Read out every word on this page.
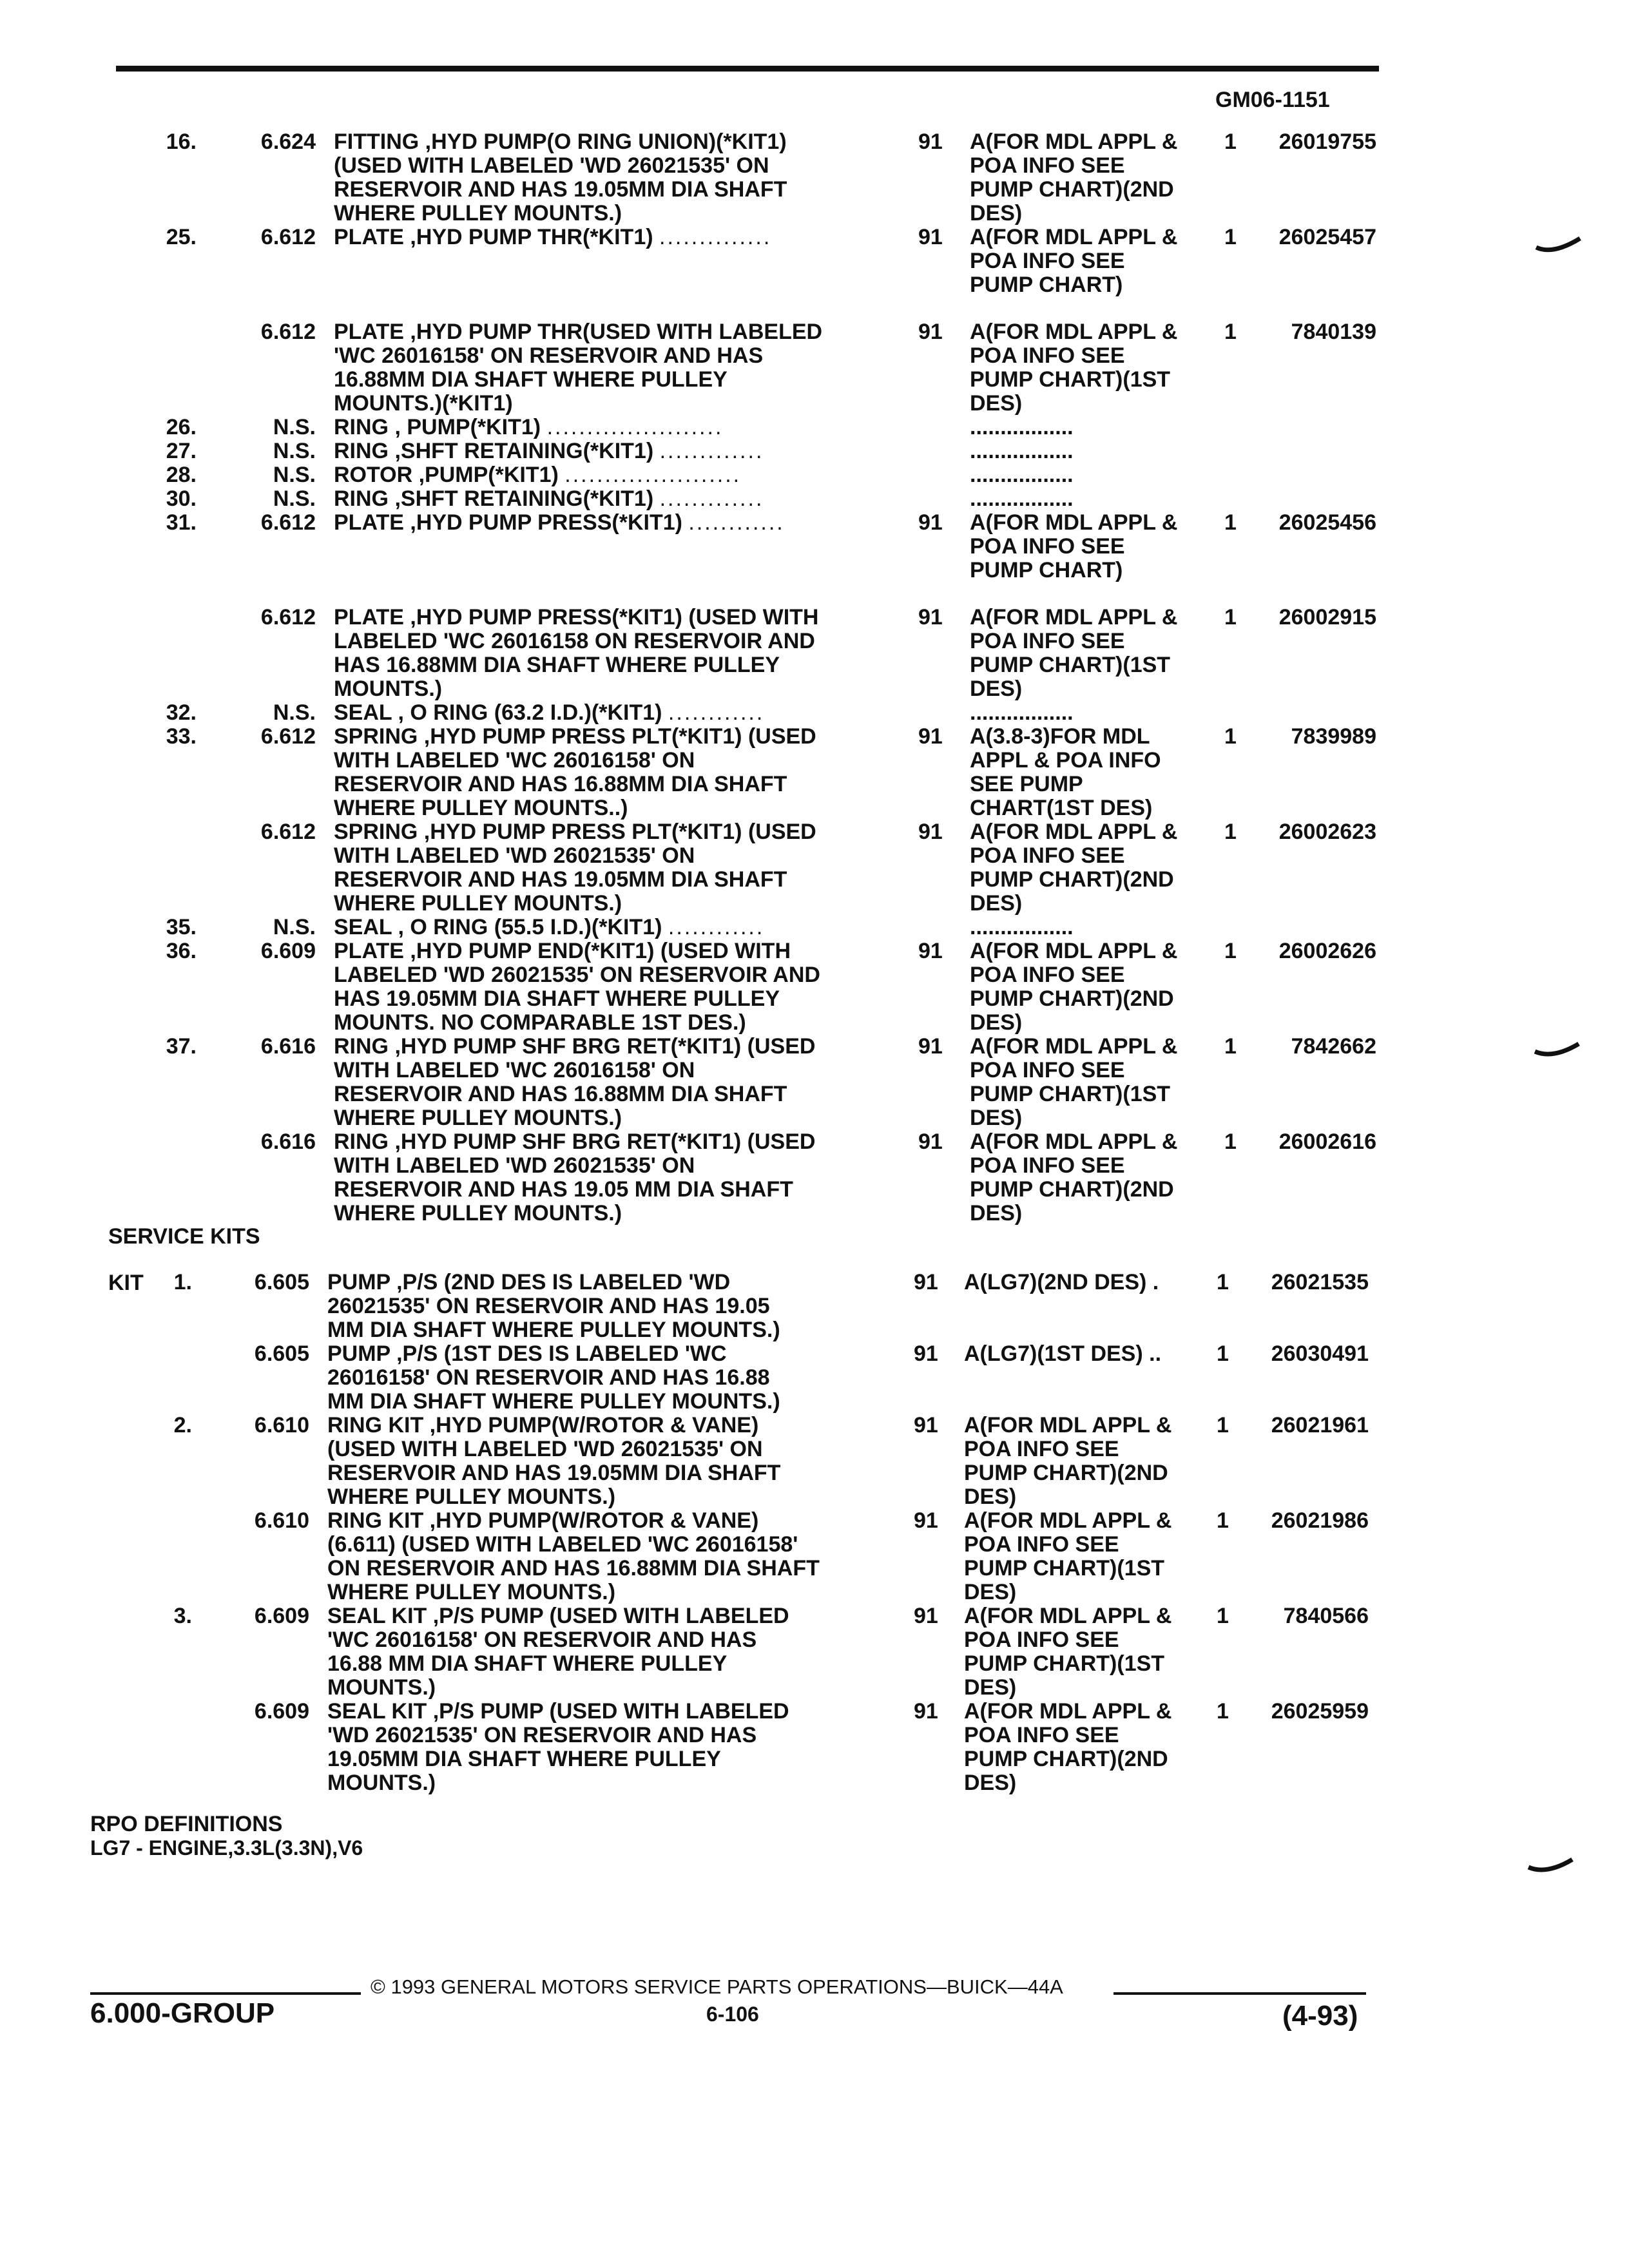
GM06-1151
16.	6.624 FITTING ,HYD PUMP(O RING UNION)(*KIT1)
(USED WITH LABELED 'WD 26021535' ON
RESERVOIR AND HAS 19.05MM DIA SHAFT
WHERE PULLEY MOUNTS.)
91 A(FOR MDL APPL &
POA INFO SEE
PUMP CHART)(2ND
DES)
1	26019755
25.	6.612 PLATE ,HYD PUMP THR(*KIT1) ..............	91 A(FOR MDL APPL &
POA INFO SEE
PUMP CHART)
1	26025457
6.612 PLATE ,HYD PUMP THR(USED WITH LABELED
'WC 26016158' ON RESERVOIR AND HAS
16.88MM DIA SHAFT WHERE PULLEY
MOUNTS.)(*KIT1)
91 A(FOR MDL APPL &
POA INFO SEE
PUMP CHART)(1ST
DES)
1	7840139
26.	N.S. RING , PUMP(*KIT1) ......................	.................
27.	N.S. RING ,SHFT RETAINING(*KIT1) .............	.................
28.	N.S. ROTOR ,PUMP(*KIT1) ......................	.................
30.	N.S. RING ,SHFT RETAINING(*KIT1) .............	.................
31.	6.612 PLATE ,HYD PUMP PRESS(*KIT1) ............	91 A(FOR MDL APPL &
POA INFO SEE
PUMP CHART)
1	26025456
6.612 PLATE ,HYD PUMP PRESS(*KIT1) (USED WITH
LABELED 'WC 26016158 ON RESERVOIR AND
HAS 16.88MM DIA SHAFT WHERE PULLEY
MOUNTS.)
91 A(FOR MDL APPL &
POA INFO SEE
PUMP CHART)(1ST
DES)
1	26002915
32.	N.S. SEAL , O RING (63.2 I.D.)(*KIT1) ............	.................
33.	6.612 SPRING ,HYD PUMP PRESS PLT(*KIT1) (USED
WITH LABELED 'WC 26016158' ON
RESERVOIR AND HAS 16.88MM DIA SHAFT
WHERE PULLEY MOUNTS..)
91 A(3.8-3)FOR MDL
APPL & POA INFO
SEE PUMP
CHART(1ST DES)
1	7839989
6.612 SPRING ,HYD PUMP PRESS PLT(*KIT1) (USED
WITH LABELED 'WD 26021535' ON
RESERVOIR AND HAS 19.05MM DIA SHAFT
WHERE PULLEY MOUNTS.)
91 A(FOR MDL APPL &
POA INFO SEE
PUMP CHART)(2ND
DES)
1	26002623
35.	N.S. SEAL , O RING (55.5 I.D.)(*KIT1) ............	.................
36.	6.609 PLATE ,HYD PUMP END(*KIT1) (USED WITH
LABELED 'WD 26021535' ON RESERVOIR AND
HAS 19.05MM DIA SHAFT WHERE PULLEY
MOUNTS. NO COMPARABLE 1ST DES.)
91 A(FOR MDL APPL &
POA INFO SEE
PUMP CHART)(2ND
DES)
1	26002626
37.	6.616 RING ,HYD PUMP SHF BRG RET(*KIT1) (USED
WITH LABELED 'WC 26016158' ON
RESERVOIR AND HAS 16.88MM DIA SHAFT
WHERE PULLEY MOUNTS.)
91 A(FOR MDL APPL &
POA INFO SEE
PUMP CHART)(1ST
DES)
1	7842662
6.616 RING ,HYD PUMP SHF BRG RET(*KIT1) (USED
WITH LABELED 'WD 26021535' ON
RESERVOIR AND HAS 19.05 MM DIA SHAFT
WHERE PULLEY MOUNTS.)
91 A(FOR MDL APPL &
POA INFO SEE
PUMP CHART)(2ND
DES)
1	26002616
SERVICE KITS
KIT	1.	6.605 PUMP ,P/S (2ND DES IS LABELED 'WD
26021535' ON RESERVOIR AND HAS 19.05
MM DIA SHAFT WHERE PULLEY MOUNTS.)
91 A(LG7)(2ND DES) .	1	26021535
6.605 PUMP ,P/S (1ST DES IS LABELED 'WC
26016158' ON RESERVOIR AND HAS 16.88
MM DIA SHAFT WHERE PULLEY MOUNTS.)
91 A(LG7)(1ST DES) ..	1	26030491
2.	6.610 RING KIT ,HYD PUMP(W/ROTOR & VANE)
(USED WITH LABELED 'WD 26021535' ON
RESERVOIR AND HAS 19.05MM DIA SHAFT
WHERE PULLEY MOUNTS.)
91 A(FOR MDL APPL &
POA INFO SEE
PUMP CHART)(2ND
DES)
1	26021961
6.610 RING KIT ,HYD PUMP(W/ROTOR & VANE)
(6.611) (USED WITH LABELED 'WC 26016158'
ON RESERVOIR AND HAS 16.88MM DIA SHAFT
WHERE PULLEY MOUNTS.)
91 A(FOR MDL APPL &
POA INFO SEE
PUMP CHART)(1ST
DES)
1	26021986
3.	6.609 SEAL KIT ,P/S PUMP (USED WITH LABELED
'WC 26016158' ON RESERVOIR AND HAS
16.88 MM DIA SHAFT WHERE PULLEY
MOUNTS.)
91 A(FOR MDL APPL &
POA INFO SEE
PUMP CHART)(1ST
DES)
1	7840566
6.609 SEAL KIT ,P/S PUMP (USED WITH LABELED
'WD 26021535' ON RESERVOIR AND HAS
19.05MM DIA SHAFT WHERE PULLEY
MOUNTS.)
91 A(FOR MDL APPL &
POA INFO SEE
PUMP CHART)(2ND
DES)
1	26025959
RPO DEFINITIONS
LG7 - ENGINE,3.3L(3.3N),V6
© 1993 GENERAL MOTORS SERVICE PARTS OPERATIONS—BUICK—44A
6.000-GROUP	6-106	(4-93)
